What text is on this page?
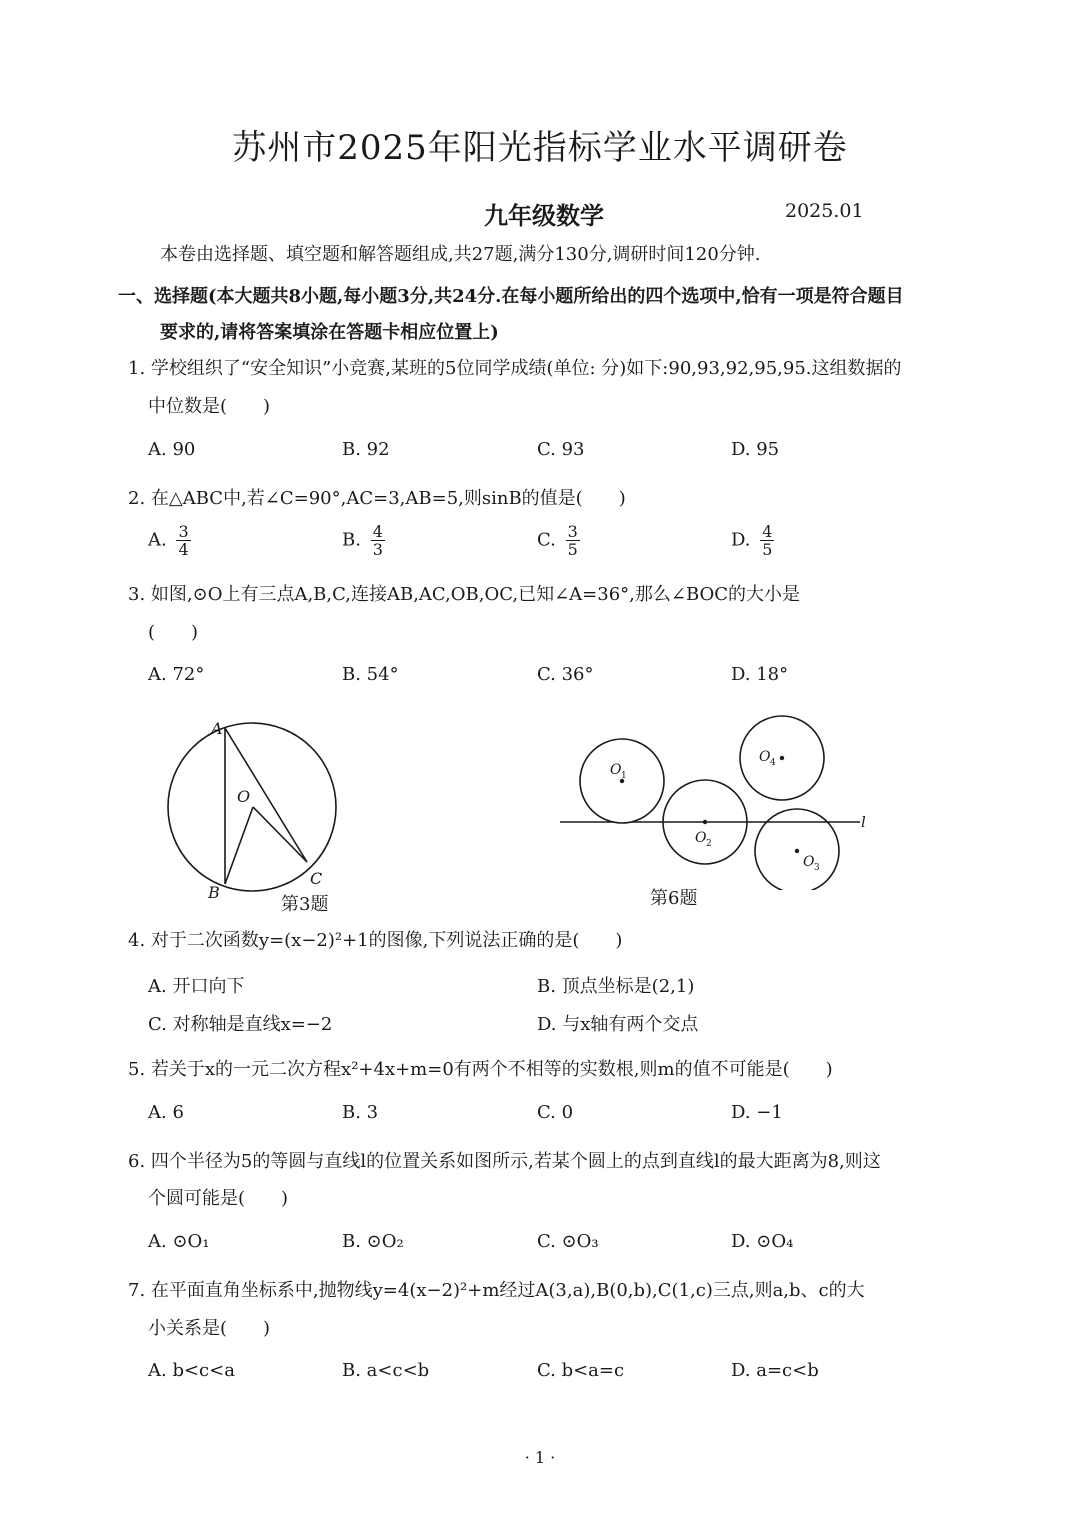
苏州市2025年阳光指标学业水平调研卷
九年级数学	2025.01
本卷由选择题、填空题和解答题组成,共27题,满分130分,调研时间120分钟.
一、选择题(本大题共8小题,每小题3分,共24分.在每小题所给出的四个选项中,恰有一项是符合题目
要求的,请将答案填涂在答题卡相应位置上)
1. 学校组织了“安全知识”小竞赛,某班的5位同学成绩(单位: 分)如下:90,93,92,95,95.这组数据的
中位数是(　　)
A. 90	B. 92	C. 93	D. 95
2. 在△ABC中,若∠C=90°,AC=3,AB=5,则sinB的值是(　　)
A. $\frac{3}{4}$	B. $\frac{4}{3}$	C. $\frac{3}{5}$	D. $\frac{4}{5}$
3. 如图,⊙O上有三点A,B,C,连接AB,AC,OB,OC,已知∠A=36°,那么∠BOC的大小是
(　　)
A. 72°	B. 54°	C. 36°	D. 18°
A
O
B
C
第3题
O 1
O 2
O 3
O 4
l
第6题
4. 对于二次函数y=(x−2)²+1的图像,下列说法正确的是(　　)
A. 开口向下	B. 顶点坐标是(2,1)
C. 对称轴是直线x=−2	D. 与x轴有两个交点
5. 若关于x的一元二次方程x²+4x+m=0有两个不相等的实数根,则m的值不可能是(　　)
A. 6	B. 3	C. 0	D. −1
6. 四个半径为5的等圆与直线l的位置关系如图所示,若某个圆上的点到直线l的最大距离为8,则这
个圆可能是(　　)
A. ⊙O₁	B. ⊙O₂	C. ⊙O₃	D. ⊙O₄
7. 在平面直角坐标系中,抛物线y=4(x−2)²+m经过A(3,a),B(0,b),C(1,c)三点,则a,b、c的大
小关系是(　　)
A. b<c<a	B. a<c<b	C. b<a=c	D. a=c<b
· 1 ·
